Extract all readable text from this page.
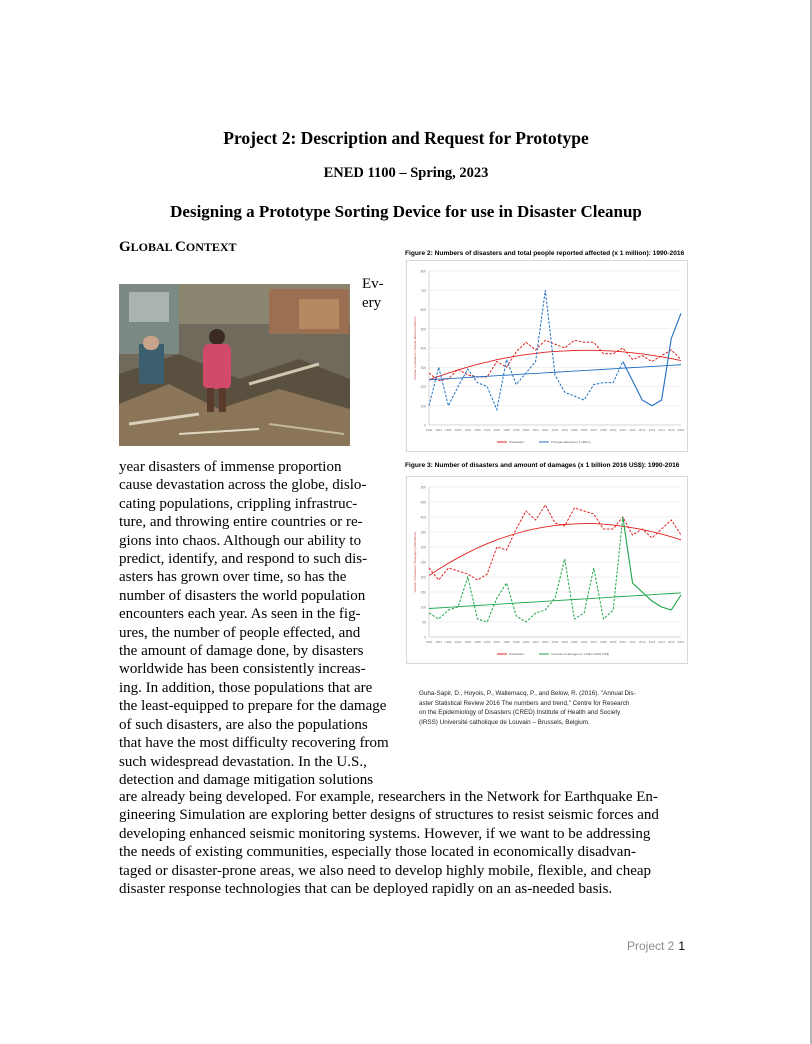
Project 2: Description and Request for Prototype
ENED 1100 – Spring, 2023
Designing a Prototype Sorting Device for use in Disaster Cleanup
GLOBAL CONTEXT
Ev-
ery
year disasters of immense proportion
cause devastation across the globe, dislo-
cating populations, crippling infrastruc-
ture, and throwing entire countries or re-
gions into chaos. Although our ability to
predict, identify, and respond to such dis-
asters has grown over time, so has the
number of disasters the world population
encounters each year. As seen in the fig-
ures, the number of people effected, and
the amount of damage done, by disasters
worldwide has been consistently increas-
ing. In addition, those populations that are
the least-equipped to prepare for the damage
of such disasters, are also the populations
that have the most difficulty recovering from
such widespread devastation. In the U.S.,
detection and damage mitigation solutions
are already being developed. For example, researchers in the Network for Earthquake En-
gineering Simulation are exploring better designs of structures to resist seismic forces and
developing enhanced seismic monitoring systems. However, if we want to be addressing
the needs of existing communities, especially those located in economically disadvan-
taged or disaster-prone areas, we also need to develop highly mobile, flexible, and cheap
disaster response technologies that can be deployed rapidly on an as-needed basis.
Figure 2: Numbers of disasters and total people reported affected (x 1 million): 1990-2016
0
100
200
300
400
500
600
700
800
1990 1991 1992 1993 1994 1995 1996 1997 1998 1999 2000 2001 2002 2003 2004 2005 2006 2007 2008 2009 2010 2011 2012 2013 2014 2015 2016
Number of disasters / People affected (millions)
# Disasters	# People affected (x 1 million)
Figure 3: Number of disasters and amount of damages (x 1 billion 2016 US$): 1990-2016
0
50
100
150
200
250
300
350
400
450
500
1990 1991 1992 1993 1994 1995 1996 1997 1998 1999 2000 2001 2002 2003 2004 2005 2006 2007 2008 2009 2010 2011 2012 2013 2014 2015 2016
Number of disasters / Damages (US$ billions)
# Disasters	Amounts of damages (x 1 billion 2016 US$)
Guha-Sapir, D., Hoyois, P., Wallemacq, P., and Below, R. (2016). "Annual Dis-
aster Statistical Review 2016 The numbers and trend," Centre for Research
on the Epidemiology of Disasters (CRED) Institute of Health and Society
(IRSS) Université catholique de Louvain – Brussels, Belgium.
Project 2 1
